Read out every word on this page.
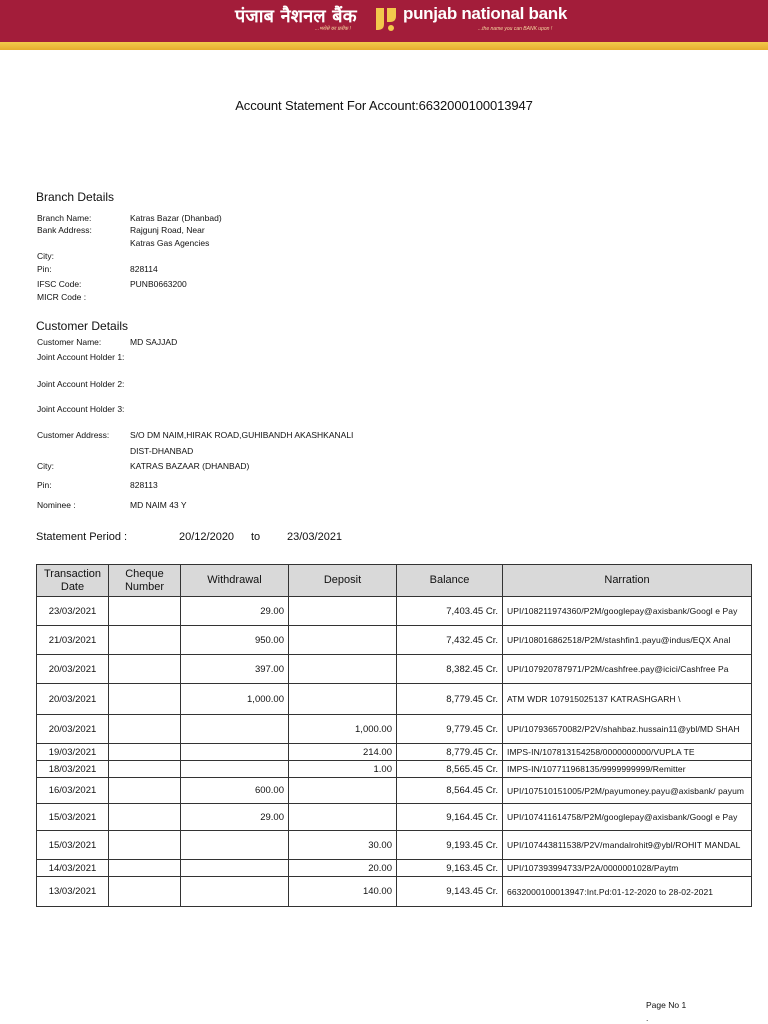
पंजाब नैशनल बैंक
...भरोसे का प्रतीक !
punjab national bank
...the name you can BANK upon !
Account Statement For Account:6632000100013947
Branch Details
Branch Name:	Katras Bazar (Dhanbad)
Bank Address:	Rajgunj Road, Near
Katras Gas Agencies
City:
Pin:	828114
IFSC Code:	PUNB0663200
MICR Code :
Customer Details
Customer Name:	MD SAJJAD
Joint Account Holder 1:
Joint Account Holder 2:
Joint Account Holder 3:
Customer Address: S/O DM NAIM,HIRAK ROAD,GUHIBANDH AKASHKANALI
DIST-DHANBAD
City:	KATRAS BAZAAR (DHANBAD)
Pin:	828113
Nominee :	MD NAIM 43 Y
Statement Period :	20/12/2020 to 23/03/2021
Transaction Date	Cheque Number	Withdrawal	Deposit	Balance	Narration
23/03/2021		29.00		7,403.45 Cr.	UPI/108211974360/P2M/googlepay@axisbank/Googl e Pay
21/03/2021		950.00		7,432.45 Cr.	UPI/108016862518/P2M/stashfin1.payu@indus/EQX Anal
20/03/2021		397.00		8,382.45 Cr.	UPI/107920787971/P2M/cashfree.pay@icici/Cashfree Pa
20/03/2021		1,000.00		8,779.45 Cr.	ATM WDR 107915025137 KATRASHGARH \
20/03/2021			1,000.00	9,779.45 Cr.	UPI/107936570082/P2V/shahbaz.hussain11@ybl/MD SHAH
19/03/2021			214.00	8,779.45 Cr.	IMPS-IN/107813154258/0000000000/VUPLA TE
18/03/2021			1.00	8,565.45 Cr.	IMPS-IN/107711968135/9999999999/Remitter
16/03/2021		600.00		8,564.45 Cr.	UPI/107510151005/P2M/payumoney.payu@axisbank/ payum
15/03/2021		29.00		9,164.45 Cr.	UPI/107411614758/P2M/googlepay@axisbank/Googl e Pay
15/03/2021			30.00	9,193.45 Cr.	UPI/107443811538/P2V/mandalrohit9@ybl/ROHIT MANDAL
14/03/2021			20.00	9,163.45 Cr.	UPI/107393994733/P2A/0000001028/Paytm
13/03/2021			140.00	9,143.45 Cr.	6632000100013947:Int.Pd:01-12-2020 to 28-02-2021
Page No 1
.
